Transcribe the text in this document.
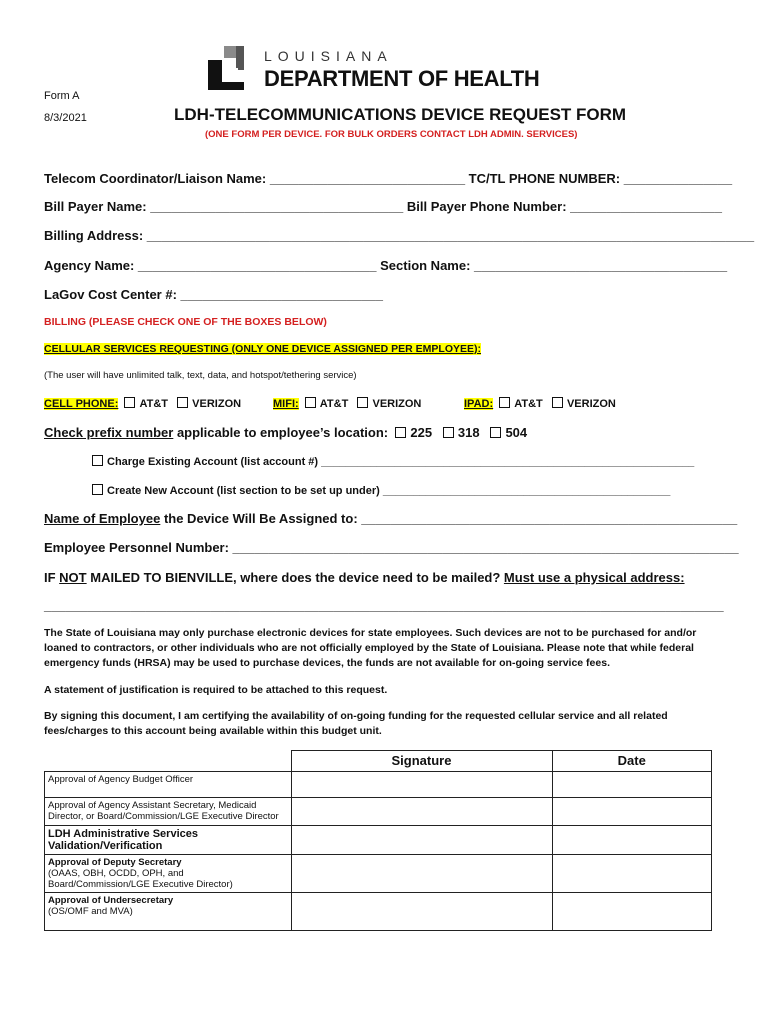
Form A
8/3/2021
LOUISIANA
DEPARTMENT OF HEALTH
LDH-TELECOMMUNICATIONS DEVICE REQUEST FORM
(ONE FORM PER DEVICE. FOR BULK ORDERS CONTACT LDH ADMIN. SERVICES)
Telecom Coordinator/Liaison Name: ___________________________ TC/TL PHONE NUMBER: _______________
Bill Payer Name: ___________________________________ Bill Payer Phone Number: _____________________
Billing Address: ____________________________________________________________________________________
Agency Name: _________________________________ Section Name: ___________________________________
LaGov Cost Center #: ____________________________
BILLING (PLEASE CHECK ONE OF THE BOXES BELOW)
CELLULAR SERVICES REQUESTING (ONLY ONE DEVICE ASSIGNED PER EMPLOYEE):
(The user will have unlimited talk, text, data, and hotspot/tethering service)
CELL PHONE: AT&T VERIZON	MIFI: AT&T VERIZON	IPAD: AT&T VERIZON
Check prefix number applicable to employee’s location: 225 318 504
Charge Existing Account (list account #) _____________________________________________________________
Create New Account (list section to be set up under) _______________________________________________
Name of Employee the Device Will Be Assigned to: ____________________________________________________
Employee Personnel Number: ______________________________________________________________________
IF NOT MAILED TO BIENVILLE, where does the device need to be mailed? Must use a physical address:
______________________________________________________________________________________________
The State of Louisiana may only purchase electronic devices for state employees. Such devices are not to be purchased for and/or loaned to contractors, or other individuals who are not officially employed by the State of Louisiana. Please note that while federal emergency funds (HRSA) may be used to purchase devices, the funds are not available for on-going service fees.
A statement of justification is required to be attached to this request.
By signing this document, I am certifying the availability of on-going funding for the requested cellular service and all related fees/charges to this account being available within this budget unit.
	Signature	Date
Approval of Agency Budget Officer		
Approval of Agency Assistant Secretary, Medicaid Director, or Board/Commission/LGE Executive Director		
LDH Administrative Services
Validation/Verification		
Approval of Deputy Secretary
(OAAS, OBH, OCDD, OPH, and Board/Commission/LGE Executive Director)		
Approval of Undersecretary
(OS/OMF and MVA)		
